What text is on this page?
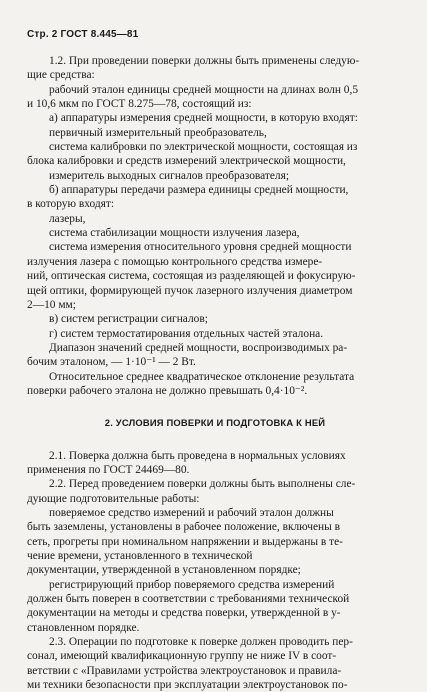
Стр. 2 ГОСТ 8.445—81
1.2. При проведении поверки должны быть применены следую-
щие средства:
рабочий эталон единицы средней мощности на длинах волн 0,5
и 10,6 мкм по ГОСТ 8.275—78, состоящий из:
а) аппаратуры измерения средней мощности, в которую входят:
первичный измерительный преобразователь,
система калибровки по электрической мощности, состоящая из
блока калибровки и средств измерений электрической мощности,
измеритель выходных сигналов преобразователя;
б) аппаратуры передачи размера единицы средней мощности,
в которую входят:
лазеры,
система стабилизации мощности излучения лазера,
система измерения относительного уровня средней мощности
излучения лазера с помощью контрольного средства измере-
ний, оптическая система, состоящая из разделяющей и фокусирую-
щей оптики, формирующей пучок лазерного излучения диаметром
2—10 мм;
в) систем регистрации сигналов;
г) систем термостатирования отдельных частей эталона.
Диапазон значений средней мощности, воспроизводимых ра-
бочим эталоном, — 1·10⁻¹ — 2 Вт.
Относительное среднее квадратическое отклонение результата
поверки рабочего эталона не должно превышать 0,4·10⁻².
2. УСЛОВИЯ ПОВЕРКИ И ПОДГОТОВКА К НЕЙ
2.1. Поверка должна быть проведена в нормальных условиях
применения по ГОСТ 24469—80.
2.2. Перед проведением поверки должны быть выполнены сле-
дующие подготовительные работы:
поверяемое средство измерений и рабочий эталон должны
быть заземлены, установлены в рабочее положение, включены в
сеть, прогреты при номинальном напряжении и выдержаны в те-
чение времени, установленного в технической
документации, утвержденной в установленном порядке;
регистрирующий прибор поверяемого средства измерений
должен быть поверен в соответствии с требованиями технической
документации на методы и средства поверки, утвержденной в у-
становленном порядке.
2.3. Операции по подготовке к поверке должен проводить пер-
сонал, имеющий квалификационную группу не ниже IV в соот-
ветствии с «Правилами устройства электроустановок и правила-
ми техники безопасности при эксплуатации электроустановок по-
